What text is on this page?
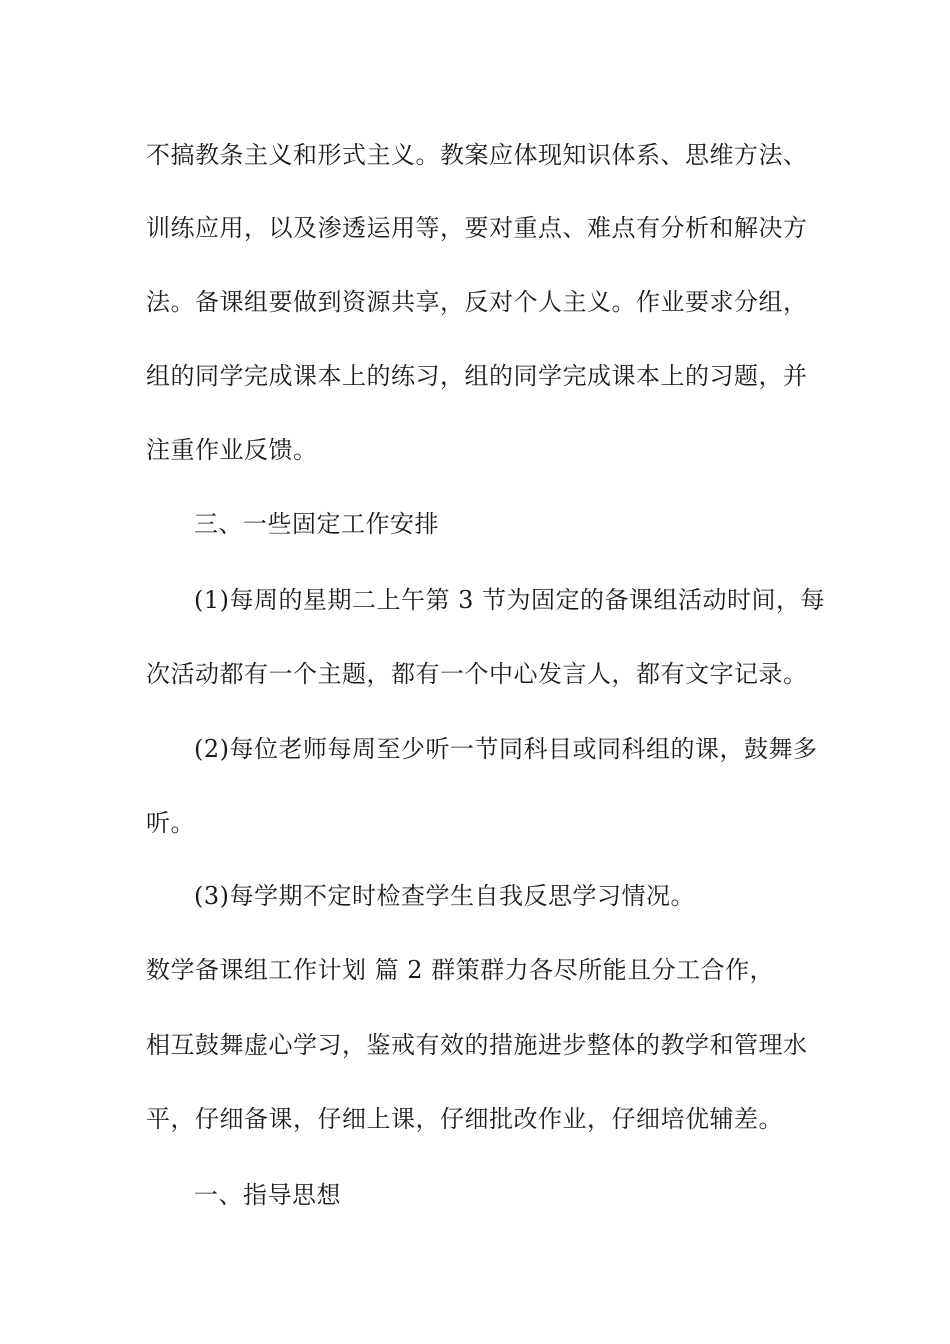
不搞教条主义和形式主义。教案应体现知识体系、思维方法、
训练应用，以及渗透运用等，要对重点、难点有分析和解决方
法。备课组要做到资源共享，反对个人主义。作业要求分组，
组的同学完成课本上的练习，组的同学完成课本上的习题，并
注重作业反馈。
三、一些固定工作安排
(1)每周的星期二上午第 3 节为固定的备课组活动时间，每
次活动都有一个主题，都有一个中心发言人，都有文字记录。
(2)每位老师每周至少听一节同科目或同科组的课，鼓舞多
听。
(3)每学期不定时检查学生自我反思学习情况。
数学备课组工作计划 篇 2 群策群力各尽所能且分工合作，
相互鼓舞虚心学习，鉴戒有效的措施进步整体的教学和管理水
平，仔细备课，仔细上课，仔细批改作业，仔细培优辅差。
一、指导思想
